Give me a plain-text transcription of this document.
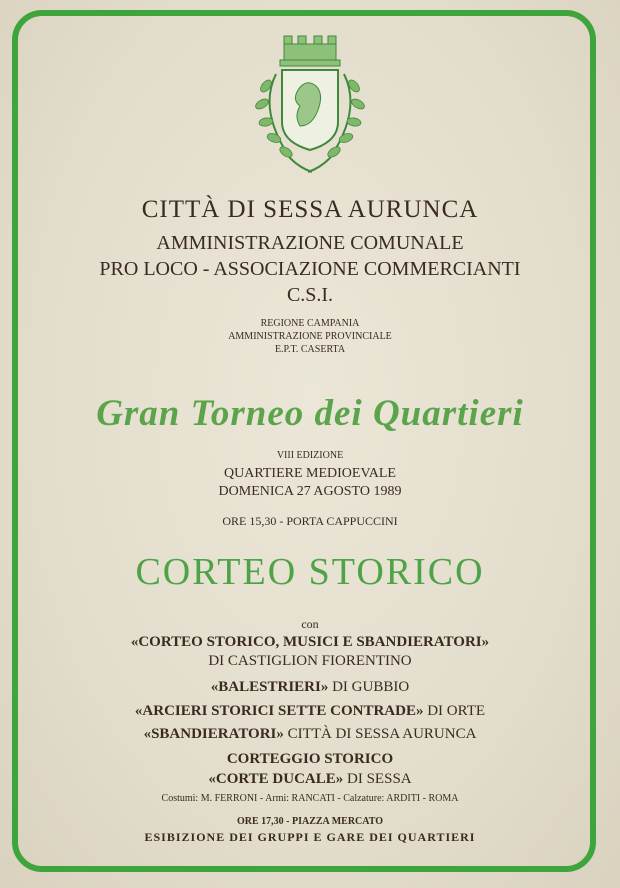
CITTÀ DI SESSA AURUNCA
AMMINISTRAZIONE COMUNALE
PRO LOCO - ASSOCIAZIONE COMMERCIANTI
C.S.I.
REGIONE CAMPANIA
AMMINISTRAZIONE PROVINCIALE
E.P.T. CASERTA
Gran Torneo dei Quartieri
VIII EDIZIONE
QUARTIERE MEDIOEVALE
DOMENICA 27 AGOSTO 1989
ORE 15,30 - PORTA CAPPUCCINI
CORTEO STORICO
con
«CORTEO STORICO, MUSICI E SBANDIERATORI»
DI CASTIGLION FIORENTINO
«BALESTRIERI» DI GUBBIO
«ARCIERI STORICI SETTE CONTRADE» DI ORTE
«SBANDIERATORI» CITTÀ DI SESSA AURUNCA
CORTEGGIO STORICO
«CORTE DUCALE» DI SESSA
Costumi: M. FERRONI - Armi: RANCATI - Calzature: ARDITI - ROMA
ORE 17,30 - PIAZZA MERCATO
ESIBIZIONE DEI GRUPPI E GARE DEI QUARTIERI
